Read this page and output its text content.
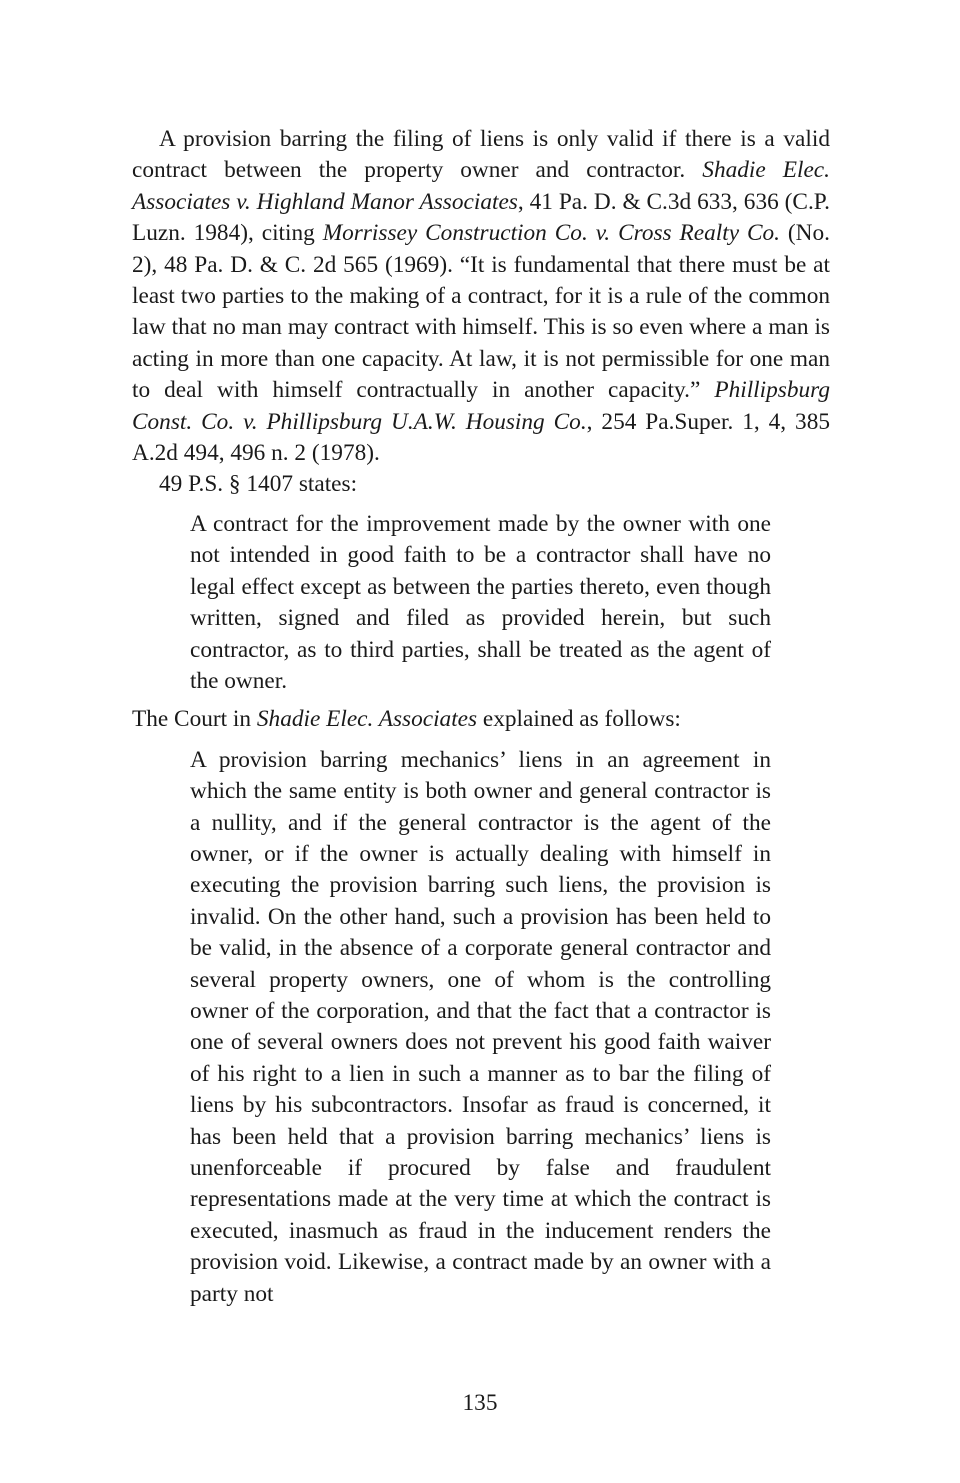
A provision barring the filing of liens is only valid if there is a valid contract between the property owner and contractor. Shadie Elec. Associates v. Highland Manor Associates, 41 Pa. D. & C.3d 633, 636 (C.P. Luzn. 1984), citing Morrissey Construction Co. v. Cross Realty Co. (No. 2), 48 Pa. D. & C. 2d 565 (1969). “It is fundamental that there must be at least two parties to the making of a contract, for it is a rule of the common law that no man may contract with himself. This is so even where a man is acting in more than one capacity. At law, it is not permissible for one man to deal with himself contractually in another capacity.” Phillipsburg Const. Co. v. Phillipsburg U.A.W. Housing Co., 254 Pa.Super. 1, 4, 385 A.2d 494, 496 n. 2 (1978).

49 P.S. § 1407 states:

A contract for the improvement made by the owner with one not intended in good faith to be a contractor shall have no legal effect except as between the parties thereto, even though written, signed and filed as provided herein, but such contractor, as to third parties, shall be treated as the agent of the owner.

The Court in Shadie Elec. Associates explained as follows:

A provision barring mechanics’ liens in an agreement in which the same entity is both owner and general contractor is a nullity, and if the general contractor is the agent of the owner, or if the owner is actually dealing with himself in executing the provision barring such liens, the provision is invalid. On the other hand, such a provision has been held to be valid, in the absence of a corporate general contractor and several property owners, one of whom is the controlling owner of the corporation, and that the fact that a contractor is one of several owners does not prevent his good faith waiver of his right to a lien in such a manner as to bar the filing of liens by his subcontractors. Insofar as fraud is concerned, it has been held that a provision barring mechanics’ liens is unenforceable if procured by false and fraudulent representations made at the very time at which the contract is executed, inasmuch as fraud in the inducement renders the provision void. Likewise, a contract made by an owner with a party not

135
